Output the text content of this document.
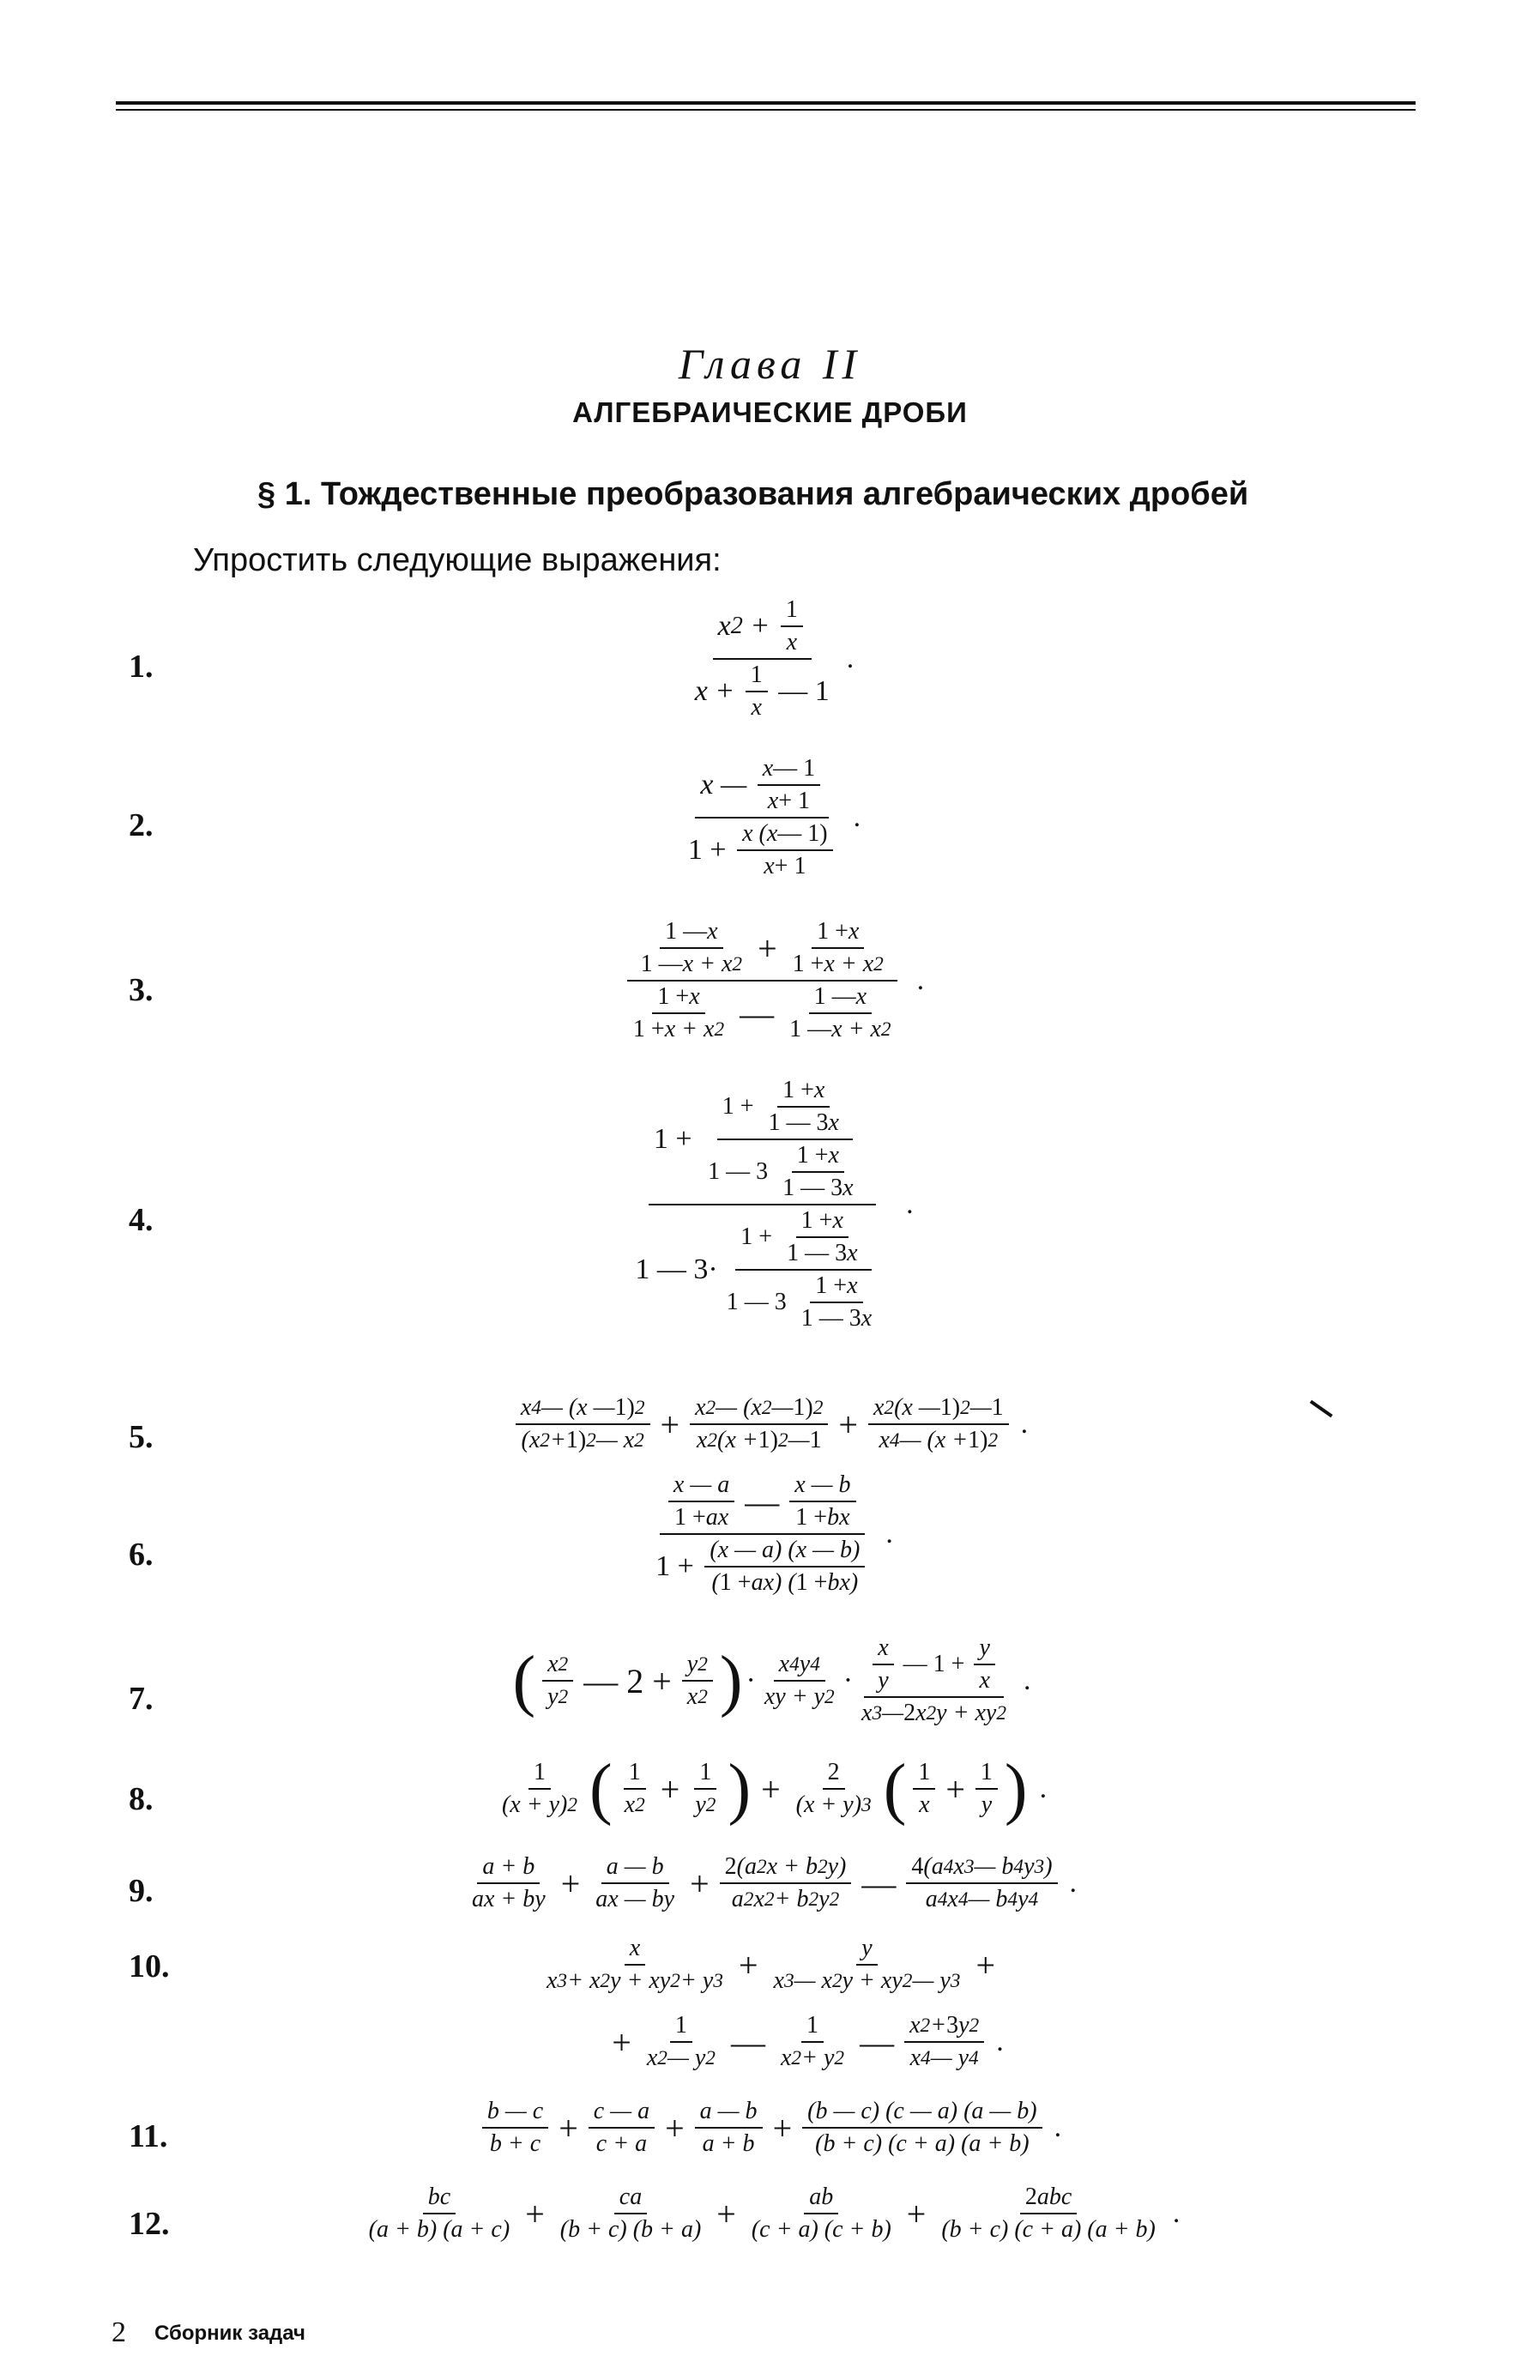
Глава II
АЛГЕБРАИЧЕСКИЕ ДРОБИ
§ 1. Тождественные преобразования алгебраических дробей
Упростить следующие выражения:
1.	x $2 + \frac{1}{x}$
$x + \frac{1}{x}$
— 1 .
2.	x — $\frac{x — 1}{x + 1}$
1 +
$\frac{x (x — 1)}{x + 1}$ .
3.	$\frac{\frac{1 — x}{1 — x + x 2} + \frac{1 + x}{1 + x + x 2}}{\frac{1 + x}{1 + x + x 2} — \frac{1 — x}{1 — x + x 2}}$ .
4.
1 +
1 +
$\frac{1 + x}{1 — 3 x}$
1 — 3
$\frac{1 + x}{1 — 3 x}$
1 — 3· 1 +
$\frac{1 + x}{1 — 3 x}$
1 — 3
$\frac{1 + x}{1 — 3 x}$
.
5.	$\frac{x 4 — (x — 1) 2}{(x 2 + 1) 2 — x 2} + \frac{x 2 — (x 2 — 1) 2}{x 2 (x + 1) 2 — 1} + \frac{x 2 (x — 1) 2 — 1}{x 4 — (x + 1) 2}$ .
6.	$\frac{x — a}{1 + ax}$ — $\frac{x — b}{1 + bx}$
1 +
$\frac{(x — a) (x — b)}{( 1 + ax) ( 1 + bx)}$ .
7.	( $\frac{x 2}{y 2}$ — $2 + \frac{y 2}{x 2}$ ) · $\frac{x 4 y 4}{xy + y 2} \cdot \frac{\frac{x}{y} — 1 + \frac{y}{x}}{x 3 — 2 x 2 y + xy 2}$ .
8.	$\frac{1}{(x + y) 2}$ ( $\frac{1}{x 2} + \frac{1}{y 2}$ ) + $\frac{2}{(x + y) 3}$ ( $\frac{1}{x} + \frac{1}{y}$ ) .
9.	$\frac{a + b}{ax + by} + \frac{a — b}{ax — by} + \frac{2 (a 2 x + b 2 y)}{a 2 x 2 + b 2 y 2}$ — $\frac{4 (a 4 x 3 — b 4 y 3 )}{a 4 x 4 — b 4 y 4}$ .
10.	$\frac{x}{x 3 + x 2 y + xy 2 + y 3} + \frac{y}{x 3 — x 2 y + xy 2 — y 3}$ +
+ $\frac{1}{x 2 — y 2}$ — $\frac{1}{x 2 + y 2}$ — $\frac{x 2 + 3 y 2}{x 4 — y 4}$ .
11.	$\frac{b — c}{b + c} + \frac{c — a}{c + a} + \frac{a — b}{a + b} + \frac{(b — c) (c — a) (a — b)}{(b + c) (c + a) (a + b)}$ .
12.	$\frac{bc}{(a + b) (a + c)} + \frac{ca}{(b + c) (b + a)} + \frac{ab}{(c + a) (c + b)} + \frac{\text{2 abc}}{(b + c) (c + a) (a + b)}$ .
2 Сборник задач
